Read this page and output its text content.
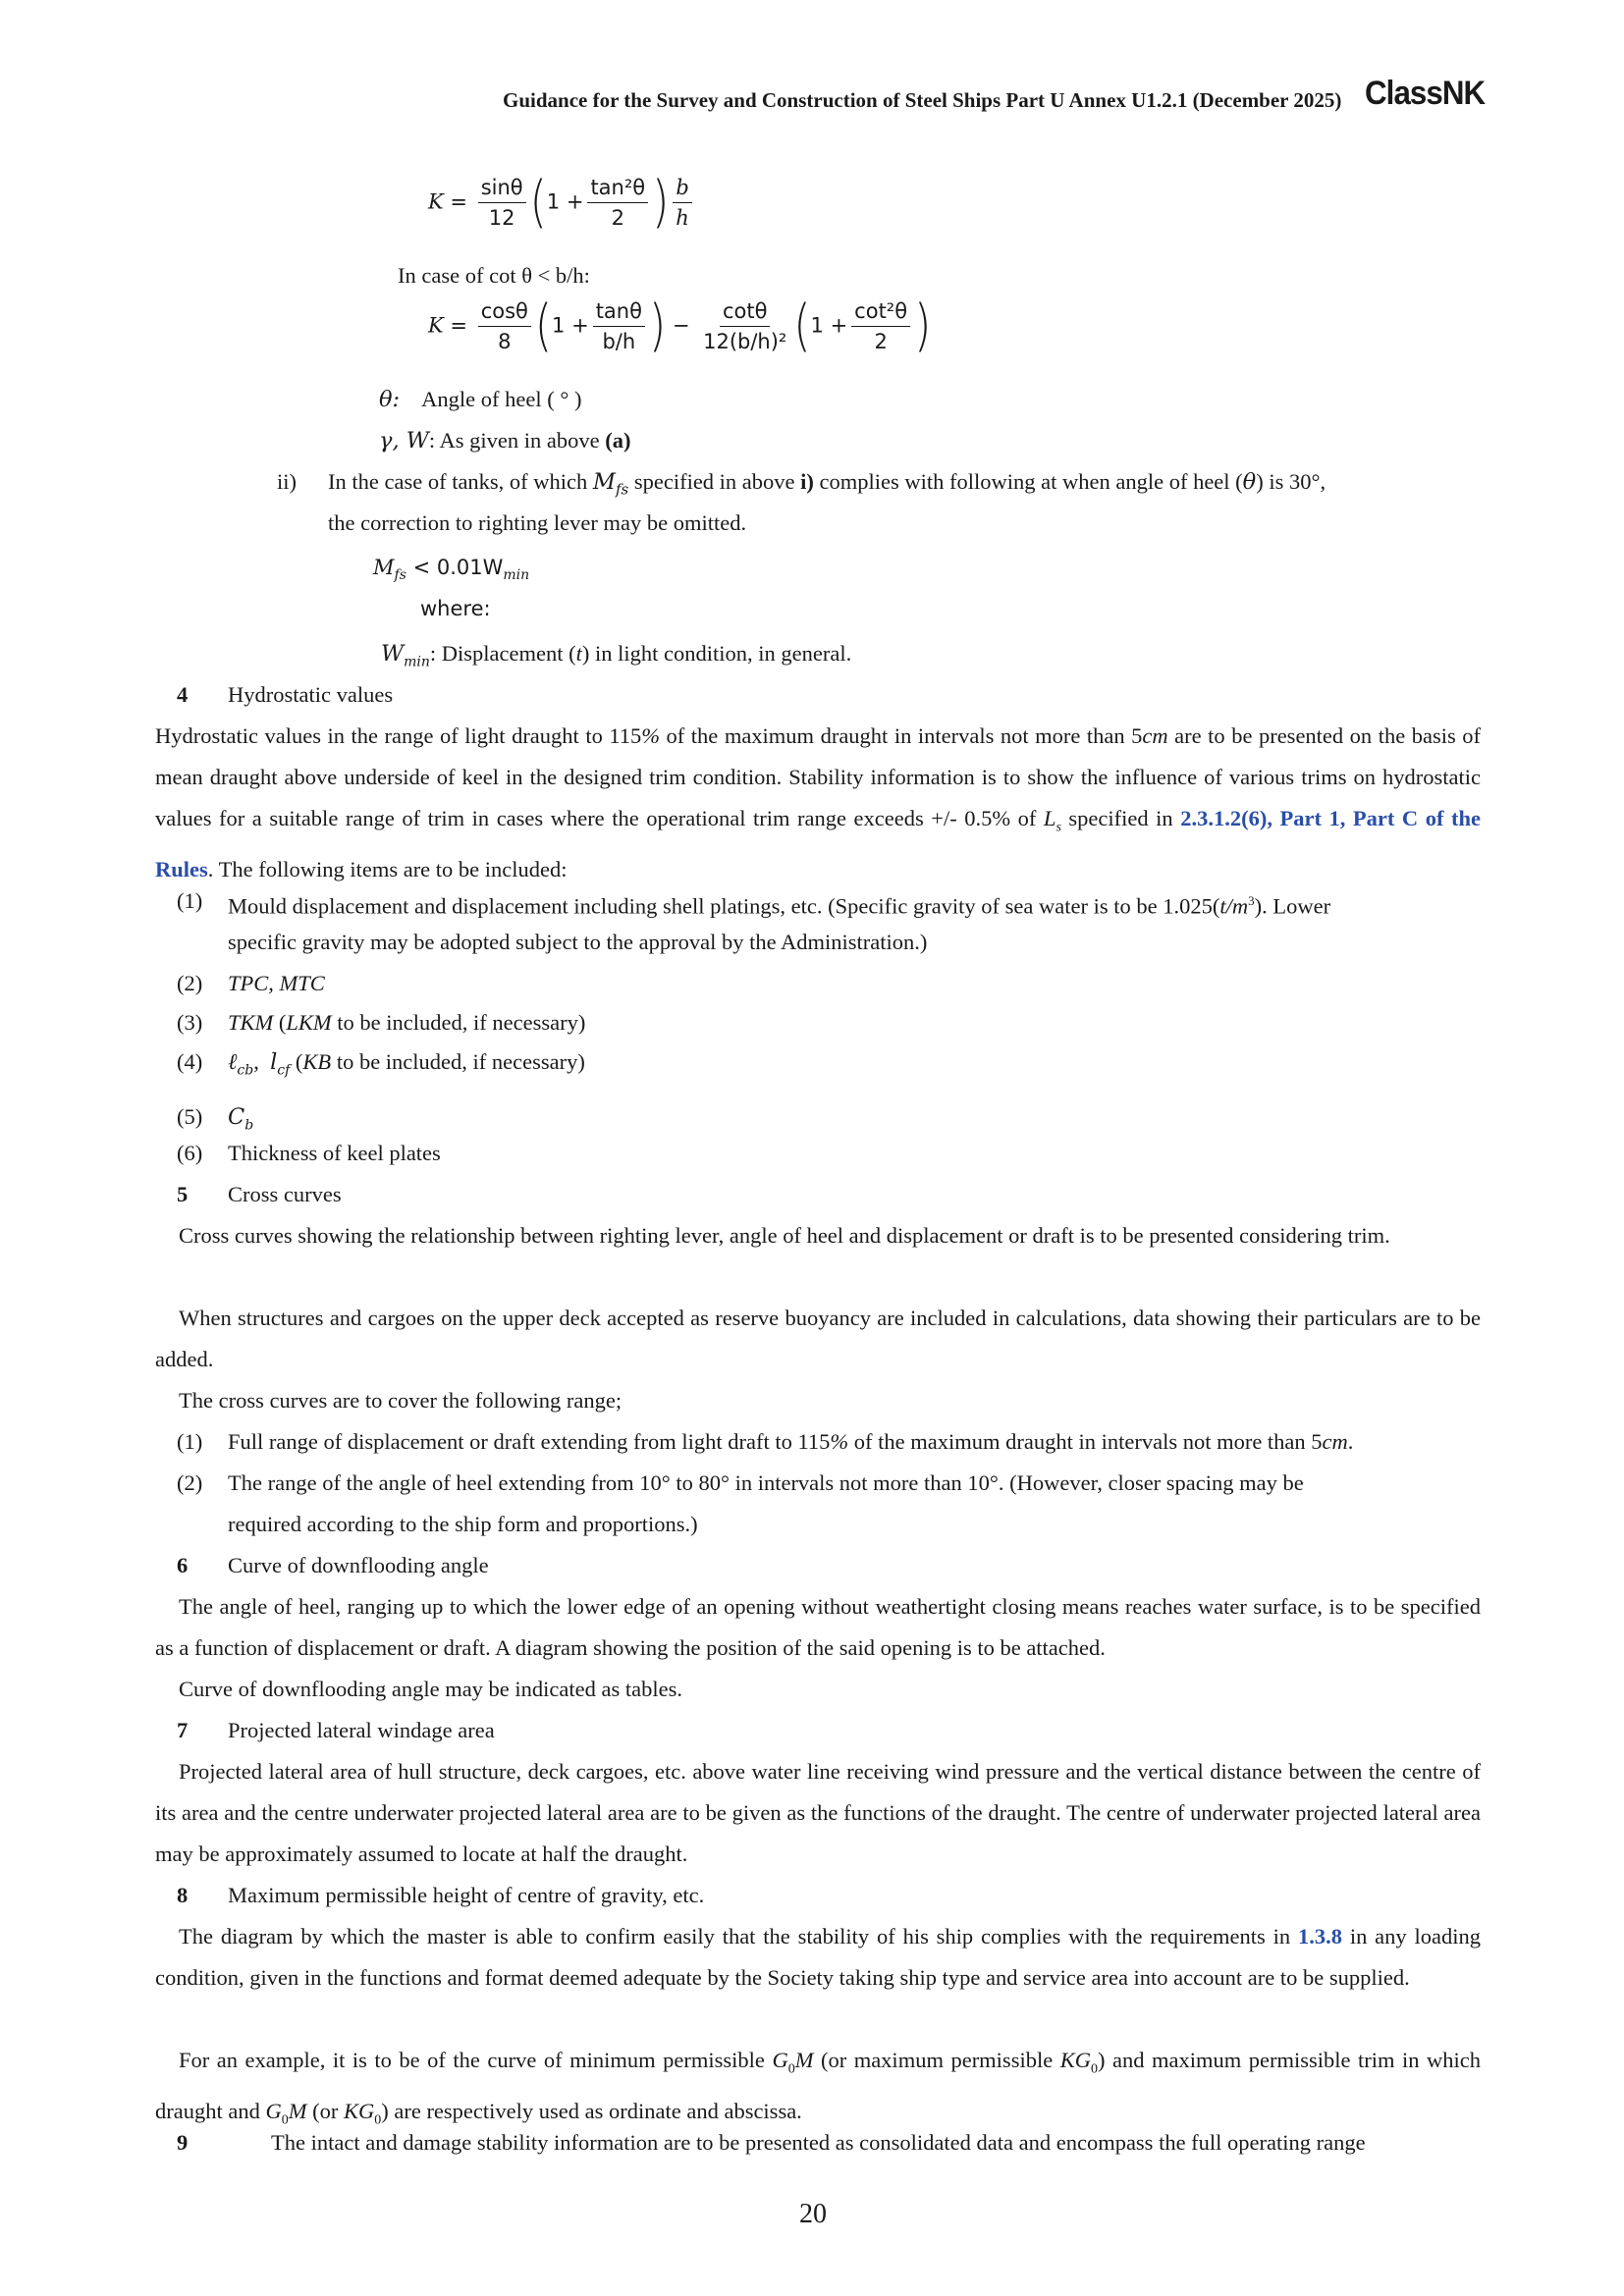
Guidance for the Survey and Construction of Steel Ships Part U Annex U1.2.1 (December 2025) ClassNK
$K = \frac{\sin\theta}{12} (1 + \frac{\text{tan²θ}}{2}$ ) $\frac{b}{h}$
In case of cot θ < b/h:
$K = \frac{\cos\theta}{8} (1 + \frac{\tan\theta}{b/h}$ ) − $\frac{\cot\theta}{\text{12(b/h)²}} (1 + \frac{\text{cot²θ}}{2}$ )
θ: Angle of heel ( ° )
γ, W: As given in above (a)
ii) In the case of tanks, of which $M_{fs}$ specified in above i) complies with following at when angle of heel (θ) is 30°,
the correction to righting lever may be omitted.
$M_{fs} < 0.01W_{min}$
where:
$W_{min}$: Displacement (t) in light condition, in general.
4 Hydrostatic values
Hydrostatic values in the range of light draught to 115% of the maximum draught in intervals not more than 5cm are to be presented on the basis of mean draught above underside of keel in the designed trim condition. Stability information is to show the influence of various trims on hydrostatic values for a suitable range of trim in cases where the operational trim range exceeds +/- 0.5% of $L_s$ specified in 2.3.1.2(6), Part 1, Part C of the Rules. The following items are to be included:
(1) Mould displacement and displacement including shell platings, etc. (Specific gravity of sea water is to be $1.025(t/m^3)$. Lower
specific gravity may be adopted subject to the approval by the Administration.)
(2) TPC, MTC
(3) TKM (LKM to be included, if necessary)
(4) ℓ$_{cb}$,  $l_{cf}$ (KB to be included, if necessary)
(5) $C_b$
(6) Thickness of keel plates
5 Cross curves
Cross curves showing the relationship between righting lever, angle of heel and displacement or draft is to be presented considering trim.
When structures and cargoes on the upper deck accepted as reserve buoyancy are included in calculations, data showing their particulars are to be added.
The cross curves are to cover the following range;
(1) Full range of displacement or draft extending from light draft to 115% of the maximum draught in intervals not more than 5cm.
(2) The range of the angle of heel extending from 10° to 80° in intervals not more than 10°. (However, closer spacing may be
required according to the ship form and proportions.)
6 Curve of downflooding angle
The angle of heel, ranging up to which the lower edge of an opening without weathertight closing means reaches water surface, is to be specified as a function of displacement or draft. A diagram showing the position of the said opening is to be attached.
Curve of downflooding angle may be indicated as tables.
7 Projected lateral windage area
Projected lateral area of hull structure, deck cargoes, etc. above water line receiving wind pressure and the vertical distance between the centre of its area and the centre underwater projected lateral area are to be given as the functions of the draught. The centre of underwater projected lateral area may be approximately assumed to locate at half the draught.
8 Maximum permissible height of centre of gravity, etc.
The diagram by which the master is able to confirm easily that the stability of his ship complies with the requirements in 1.3.8 in any loading condition, given in the functions and format deemed adequate by the Society taking ship type and service area into account are to be supplied.
For an example, it is to be of the curve of minimum permissible $G_0M$ (or maximum permissible $KG_0$) and maximum permissible trim in which draught and $G_0M$ (or $KG_0$) are respectively used as ordinate and abscissa.
9	The intact and damage stability information are to be presented as consolidated data and encompass the full operating range
20
